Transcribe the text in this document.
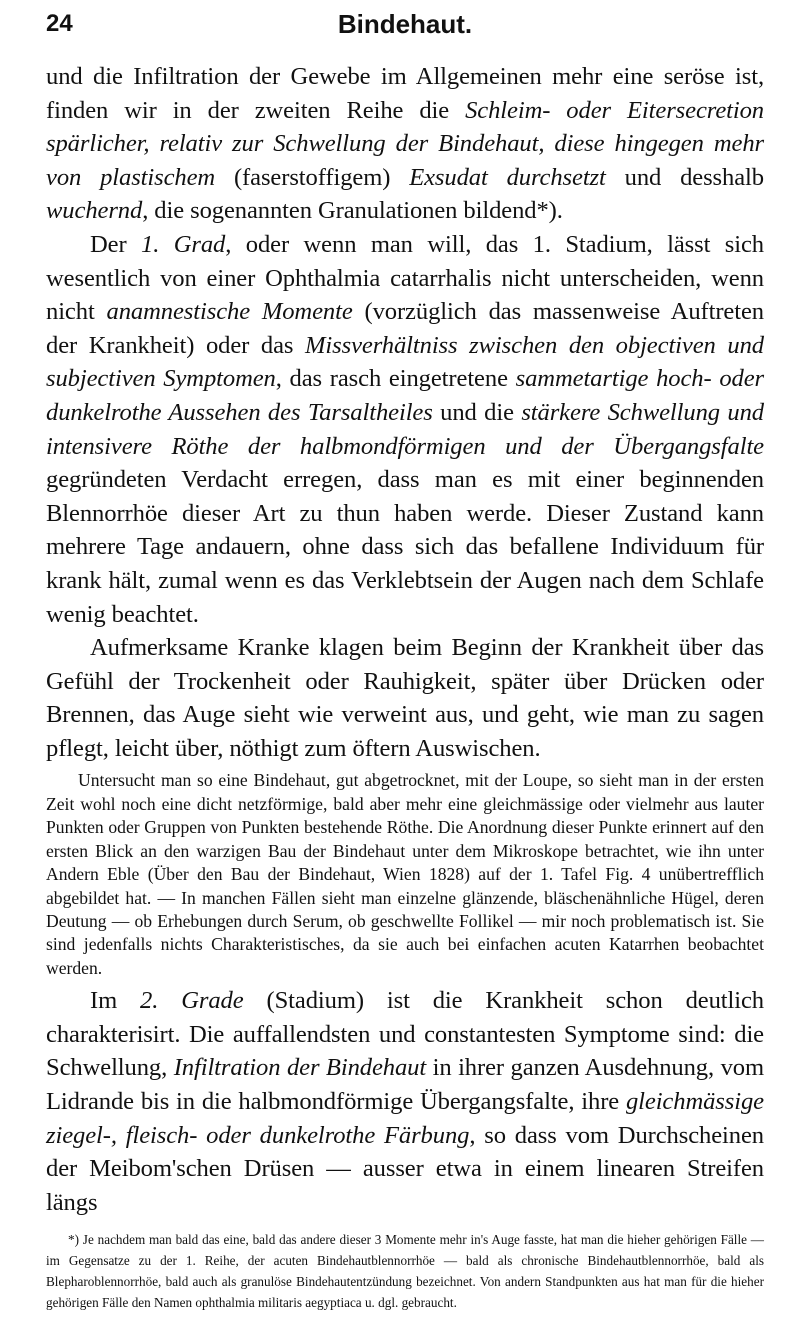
24	Bindehaut.

und die Infiltration der Gewebe im Allgemeinen mehr eine seröse ist, finden wir in der zweiten Reihe die Schleim- oder Eitersecretion spärlicher, relativ zur Schwellung der Bindehaut, diese hingegen mehr von plastischem (faserstoffigem) Exsudat durchsetzt und desshalb wuchernd, die sogenannten Granulationen bildend*).

Der 1. Grad, oder wenn man will, das 1. Stadium, lässt sich wesentlich von einer Ophthalmia catarrhalis nicht unterscheiden, wenn nicht anamnestische Momente (vorzüglich das massenweise Auftreten der Krankheit) oder das Missverhältniss zwischen den objectiven und subjectiven Symptomen, das rasch eingetretene sammetartige hoch- oder dunkelrothe Aussehen des Tarsaltheiles und die stärkere Schwellung und intensivere Röthe der halbmondförmigen und der Übergangsfalte gegründeten Verdacht erregen, dass man es mit einer beginnenden Blennorrhöe dieser Art zu thun haben werde. Dieser Zustand kann mehrere Tage andauern, ohne dass sich das befallene Individuum für krank hält, zumal wenn es das Verklebtsein der Augen nach dem Schlafe wenig beachtet.

Aufmerksame Kranke klagen beim Beginn der Krankheit über das Gefühl der Trockenheit oder Rauhigkeit, später über Drücken oder Brennen, das Auge sieht wie verweint aus, und geht, wie man zu sagen pflegt, leicht über, nöthigt zum öftern Auswischen.

Untersucht man so eine Bindehaut, gut abgetrocknet, mit der Loupe, so sieht man in der ersten Zeit wohl noch eine dicht netzförmige, bald aber mehr eine gleichmässige oder vielmehr aus lauter Punkten oder Gruppen von Punkten bestehende Röthe. Die Anordnung dieser Punkte erinnert auf den ersten Blick an den warzigen Bau der Bindehaut unter dem Mikroskope betrachtet, wie ihn unter Andern Eble (Über den Bau der Bindehaut, Wien 1828) auf der 1. Tafel Fig. 4 unübertrefflich abgebildet hat. — In manchen Fällen sieht man einzelne glänzende, bläschenähnliche Hügel, deren Deutung — ob Erhebungen durch Serum, ob geschwellte Follikel — mir noch problematisch ist. Sie sind jedenfalls nichts Charakteristisches, da sie auch bei einfachen acuten Katarrhen beobachtet werden.

Im 2. Grade (Stadium) ist die Krankheit schon deutlich charakterisirt. Die auffallendsten und constantesten Symptome sind: die Schwellung, Infiltration der Bindehaut in ihrer ganzen Ausdehnung, vom Lidrande bis in die halbmondförmige Übergangsfalte, ihre gleichmässige ziegel-, fleisch- oder dunkelrothe Färbung, so dass vom Durchscheinen der Meibom'schen Drüsen — ausser etwa in einem linearen Streifen längs

*) Je nachdem man bald das eine, bald das andere dieser 3 Momente mehr in's Auge fasste, hat man die hieher gehörigen Fälle — im Gegensatze zu der 1. Reihe, der acuten Bindehautblennorrhöe — bald als chronische Bindehautblennorrhöe, bald als Blepharoblennorrhöe, bald auch als granulöse Bindehautentzündung bezeichnet. Von andern Standpunkten aus hat man für die hieher gehörigen Fälle den Namen ophthalmia militaris aegyptiaca u. dgl. gebraucht.
